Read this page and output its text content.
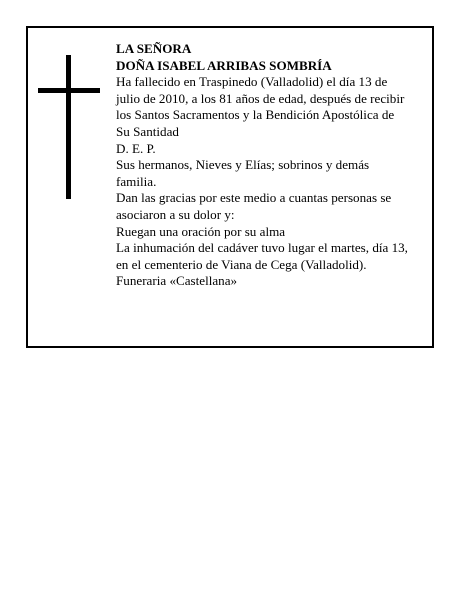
LA SEÑORA
DOÑA ISABEL ARRIBAS SOMBRÍA
Ha fallecido en Traspinedo (Valladolid) el día 13 de
julio de 2010, a los 81 años de edad, después de recibir
los Santos Sacramentos y la Bendición Apostólica de
Su Santidad
D. E. P.
Sus hermanos, Nieves y Elías; sobrinos y demás
familia.
Dan las gracias por este medio a cuantas personas se
asociaron a su dolor y:
Ruegan una oración por su alma
La inhumación del cadáver tuvo lugar el martes, día 13,
en el cementerio de Viana de Cega (Valladolid).
Funeraria «Castellana»
